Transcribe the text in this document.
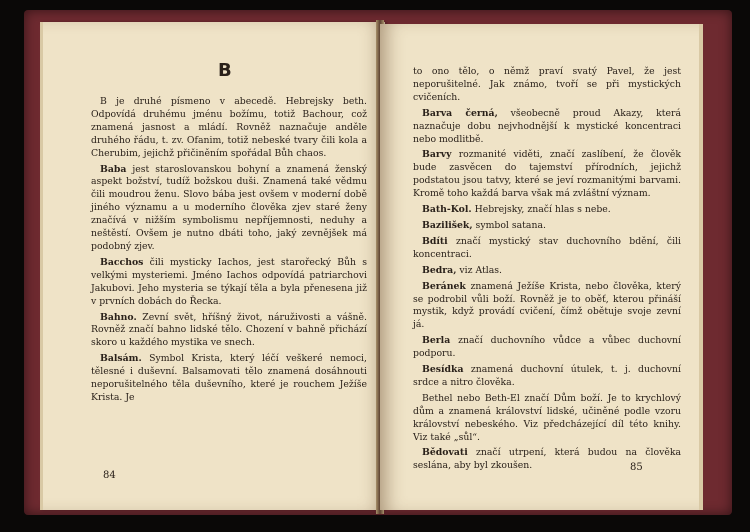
B

B je druhé písmeno v abecedě. Hebrejsky beth. Odpovídá druhému jménu božímu, totiž Bachour, což znamená jasnost a mládí. Rovněž naznačuje anděle druhého řádu, t. zv. Ofanim, totiž nebeské tvary čili kola a Cherubim, jejichž přičiněním spořádal Bůh chaos.

Baba jest staroslovanskou bohyní a znamená ženský aspekt božství, tudíž božskou duši. Znamená také vědmu čili moudrou ženu. Slovo bába jest ovšem v moderní době jiného významu a u moderního člověka zjev staré ženy značívá v nižším symbolismu nepříjemnosti, neduhy a neštěstí. Ovšem je nutno dbáti toho, jaký zevnějšek má podobný zjev.

Bacchos čili mysticky Iachos, jest starořecký Bůh s velkými mysteriemi. Jméno Iachos odpovídá patriarchovi Jakubovi. Jeho mysteria se týkají těla a byla přenesena již v prvních dobách do Řecka.

Bahno. Zevní svět, hříšný život, náruživosti a vášně. Rovněž značí bahno lidské tělo. Chození v bahně přichází skoro u každého mystika ve snech.

Balsám. Symbol Krista, který léčí veškeré nemoci, tělesné i duševní. Balsamovati tělo znamená dosáhnouti neporušitelného těla duševního, které je rouchem Ježíše Krista. Je

84

to ono tělo, o němž praví svatý Pavel, že jest neporušitelné. Jak známo, tvoří se při mystických cvičeních.

Barva černá, všeobecně proud Akazy, která naznačuje dobu nejvhodnější k mystické koncentraci nebo modlitbě.

Barvy rozmanité viděti, značí zaslíbení, že člověk bude zasvěcen do tajemství přírodních, jejichž podstatou jsou tatvy, které se jeví rozmanitými barvami. Kromě toho každá barva však má zvláštní význam.

Bath-Kol. Hebrejsky, značí hlas s nebe.

Bazilišek, symbol satana.

Bdíti značí mystický stav duchovního bdění, čili koncentraci.

Bedra, viz Atlas.

Beránek znamená Ježíše Krista, nebo člověka, který se podrobil vůli boží. Rovněž je to oběť, kterou přináší mystik, když provádí cvičení, čímž obětuje svoje zevní já.

Berla značí duchovního vůdce a vůbec duchovní podporu.

Besídka znamená duchovní útulek, t. j. duchovní srdce a nitro člověka.

Bethel nebo Beth-El značí Dům boží. Je to krychlový dům a znamená království lidské, učiněné podle vzoru království nebeského. Viz předcházející díl této knihy. Viz také „sůl“.

Bědovati značí utrpení, která budou na člověka seslána, aby byl zkoušen.	85
